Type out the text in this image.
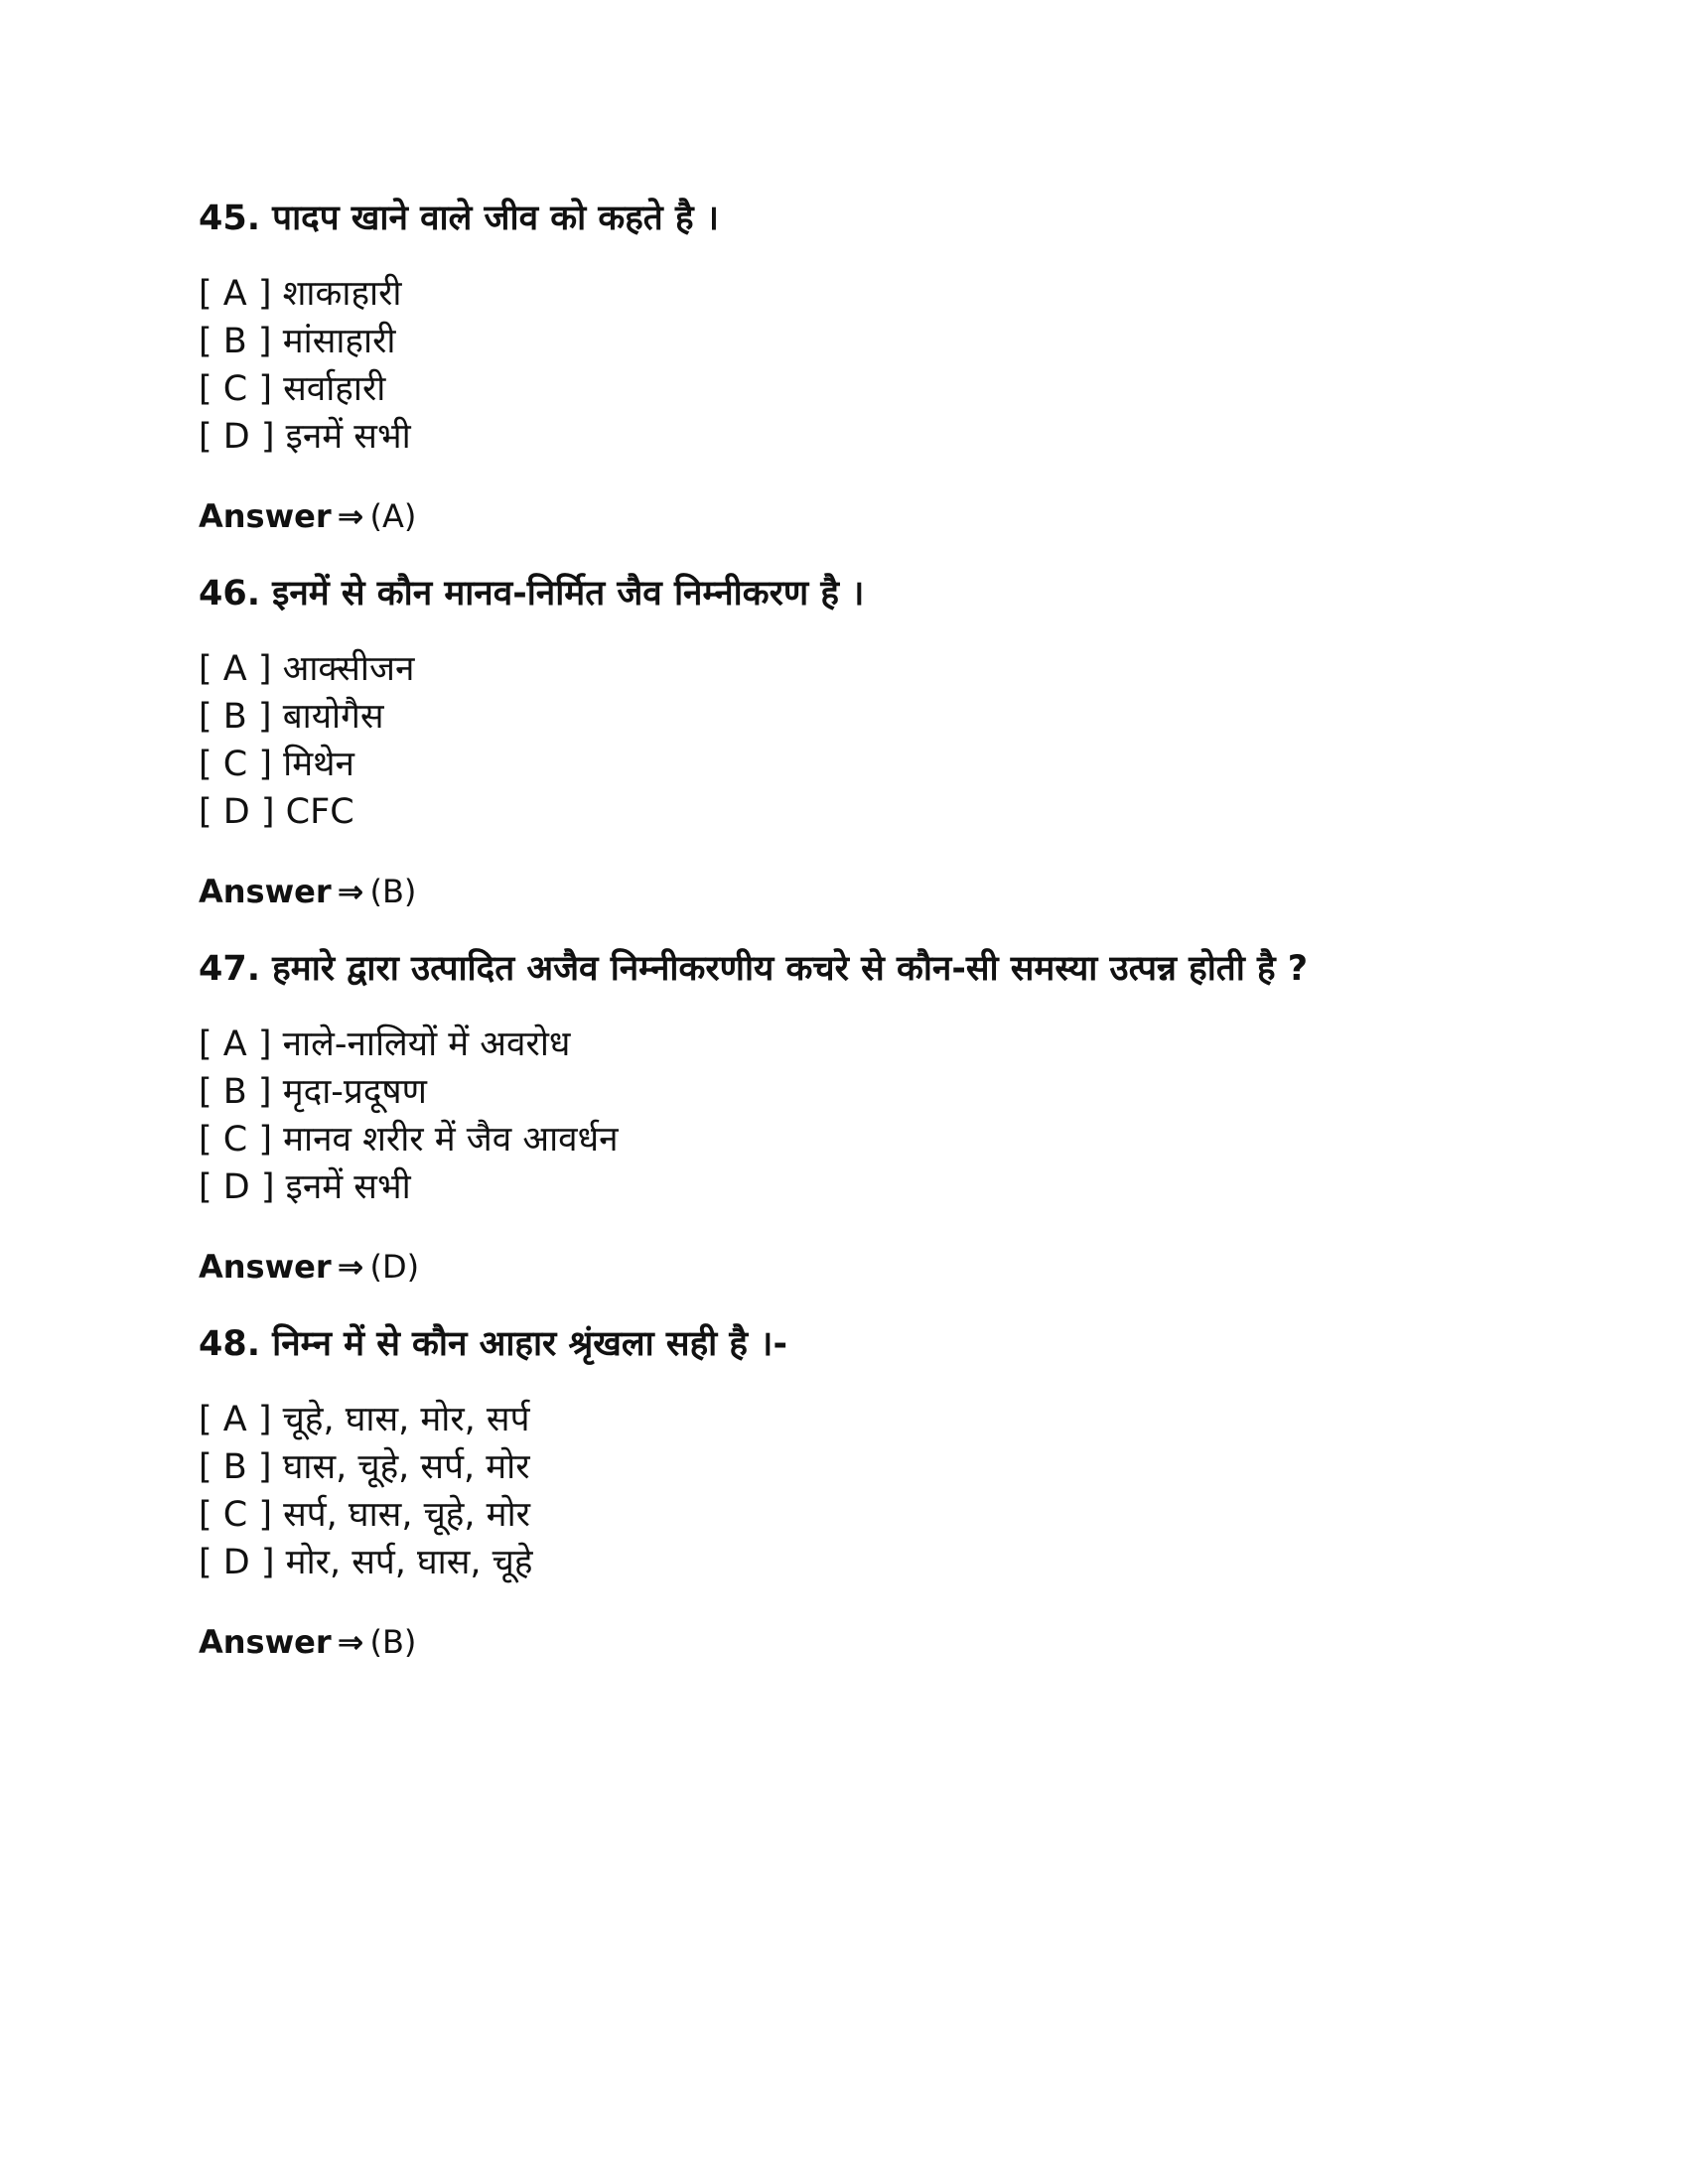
45. पादप खाने वाले जीव को कहते है ।

[ A ] शाकाहारी
[ B ] मांसाहारी
[ C ] सर्वाहारी
[ D ] इनमें सभी
Answer ⇒ (A)

46. इनमें से कौन मानव-निर्मित जैव निम्नीकरण है ।

[ A ] आक्सीजन
[ B ] बायोगैस
[ C ] मिथेन
[ D ] CFC
Answer ⇒ (B)

47. हमारे द्वारा उत्पादित अजैव निम्नीकरणीय कचरे से कौन-सी समस्या उत्पन्न होती है ?

[ A ] नाले-नालियों में अवरोध
[ B ] मृदा-प्रदूषण
[ C ] मानव शरीर में जैव आवर्धन
[ D ] इनमें सभी
Answer ⇒ (D)

48. निम्न में से कौन आहार श्रृंखला सही है ।-

[ A ] चूहे, घास, मोर, सर्प
[ B ] घास, चूहे, सर्प, मोर
[ C ] सर्प, घास, चूहे, मोर
[ D ] मोर, सर्प, घास, चूहे
Answer ⇒ (B)
